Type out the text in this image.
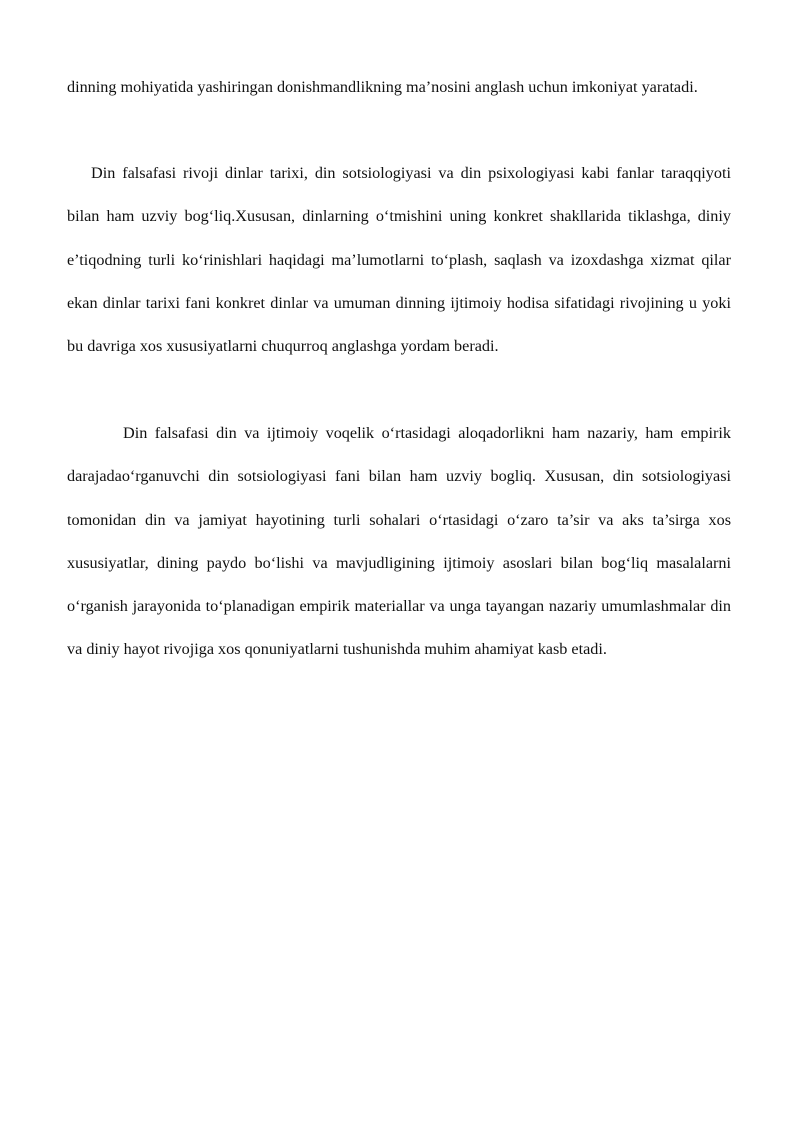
dinning mohiyatida yashiringan donishmandlikning ma’nosini anglash uchun imkoniyat yaratadi.

Din falsafasi rivoji dinlar tarixi, din sotsiologiyasi va din psixologiyasi kabi fanlar taraqqiyoti bilan ham uzviy bog‘liq.Xususan, dinlarning o‘tmishini uning konkret shakllarida tiklashga, diniy e’tiqodning turli ko‘rinishlari haqidagi ma’lumotlarni to‘plash, saqlash va izoxdashga xizmat qilar ekan dinlar tarixi fani konkret dinlar va umuman dinning ijtimoiy hodisa sifatidagi rivojining u yoki bu davriga xos xususiyatlarni chuqurroq anglashga yordam beradi.

Din falsafasi din va ijtimoiy voqelik o‘rtasidagi aloqadorlikni ham nazariy, ham empirik darajadao‘rganuvchi din sotsiologiyasi fani bilan ham uzviy bogliq. Xususan, din sotsiologiyasi tomonidan din va jamiyat hayotining turli sohalari o‘rtasidagi o‘zaro ta’sir va aks ta’sirga xos xususiyatlar, dining paydo bo‘lishi va mavjudligining ijtimoiy asoslari bilan bog‘liq masalalarni o‘rganish jarayonida to‘planadigan empirik materiallar va unga tayangan nazariy umumlashmalar din va diniy hayot rivojiga xos qonuniyatlarni tushunishda muhim ahamiyat kasb etadi.
